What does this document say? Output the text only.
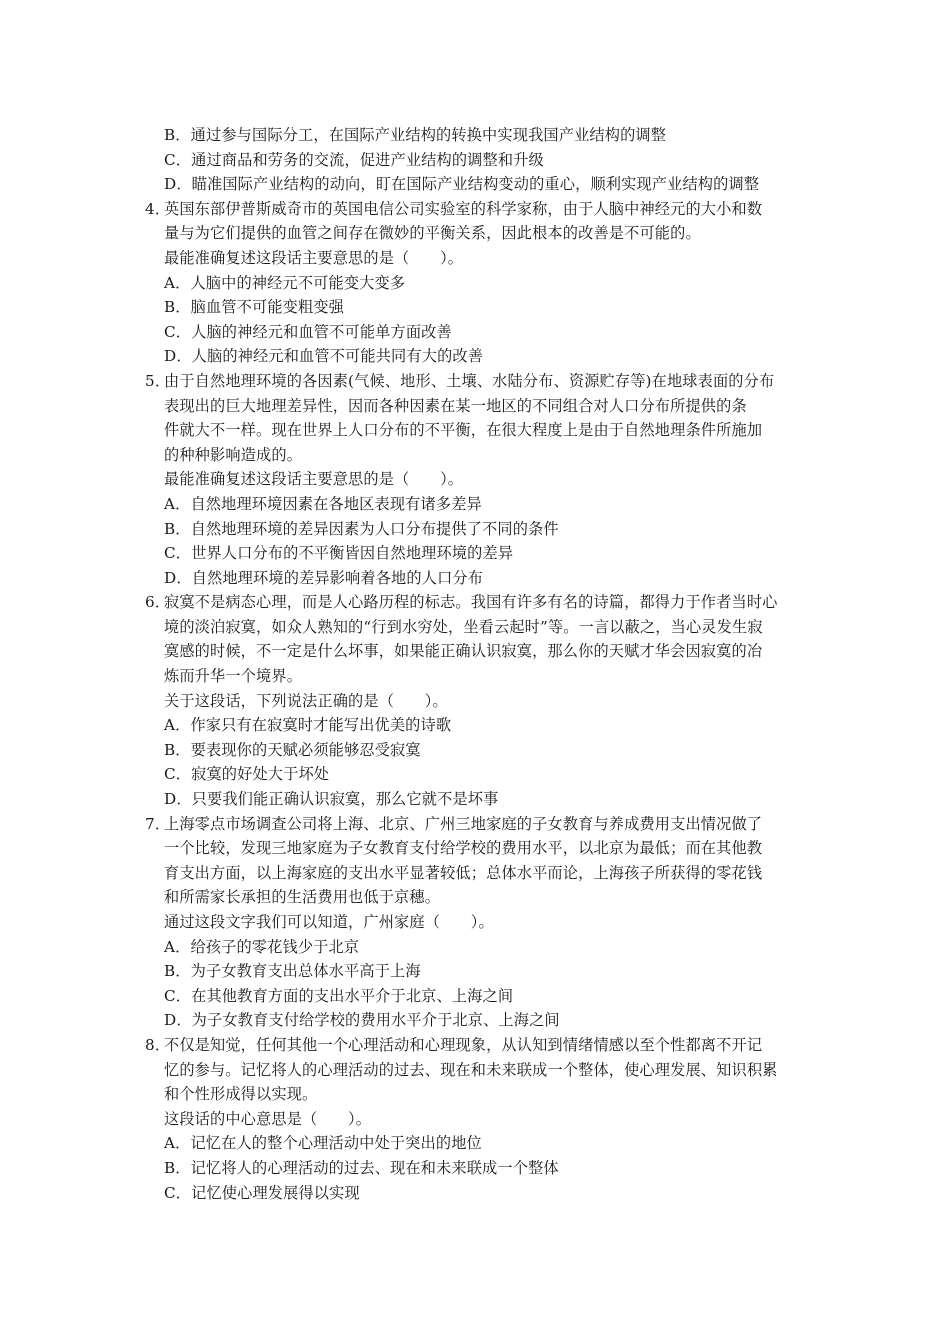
B．通过参与国际分工，在国际产业结构的转换中实现我国产业结构的调整
C．通过商品和劳务的交流，促进产业结构的调整和升级
D．瞄准国际产业结构的动向，盯在国际产业结构变动的重心，顺利实现产业结构的调整
4．英国东部伊普斯威奇市的英国电信公司实验室的科学家称，由于人脑中神经元的大小和数
量与为它们提供的血管之间存在微妙的平衡关系，因此根本的改善是不可能的。
最能准确复述这段话主要意思的是（　　）。
A．人脑中的神经元不可能变大变多
B．脑血管不可能变粗变强
C．人脑的神经元和血管不可能单方面改善
D．人脑的神经元和血管不可能共同有大的改善
5．由于自然地理环境的各因素(气候、地形、土壤、水陆分布、资源贮存等)在地球表面的分布
表现出的巨大地理差异性，因而各种因素在某一地区的不同组合对人口分布所提供的条
件就大不一样。现在世界上人口分布的不平衡，在很大程度上是由于自然地理条件所施加
的种种影响造成的。
最能准确复述这段话主要意思的是（　　）。
A．自然地理环境因素在各地区表现有诸多差异
B．自然地理环境的差异因素为人口分布提供了不同的条件
C．世界人口分布的不平衡皆因自然地理环境的差异
D．自然地理环境的差异影响着各地的人口分布
6．寂寞不是病态心理，而是人心路历程的标志。我国有许多有名的诗篇，都得力于作者当时心
境的淡泊寂寞，如众人熟知的“行到水穷处，坐看云起时”等。一言以蔽之，当心灵发生寂
寞感的时候，不一定是什么坏事，如果能正确认识寂寞，那么你的天赋才华会因寂寞的冶
炼而升华一个境界。
关于这段话，下列说法正确的是（　　）。
A．作家只有在寂寞时才能写出优美的诗歌
B．要表现你的天赋必须能够忍受寂寞
C．寂寞的好处大于坏处
D．只要我们能正确认识寂寞，那么它就不是坏事
7．上海零点市场调查公司将上海、北京、广州三地家庭的子女教育与养成费用支出情况做了
一个比较，发现三地家庭为子女教育支付给学校的费用水平，以北京为最低；而在其他教
育支出方面，以上海家庭的支出水平显著较低；总体水平而论，上海孩子所获得的零花钱
和所需家长承担的生活费用也低于京穗。
通过这段文字我们可以知道，广州家庭（　　）。
A．给孩子的零花钱少于北京
B．为子女教育支出总体水平高于上海
C．在其他教育方面的支出水平介于北京、上海之间
D．为子女教育支付给学校的费用水平介于北京、上海之间
8．不仅是知觉，任何其他一个心理活动和心理现象，从认知到情绪情感以至个性都离不开记
忆的参与。记忆将人的心理活动的过去、现在和未来联成一个整体，使心理发展、知识积累
和个性形成得以实现。
这段话的中心意思是（　　）。
A．记忆在人的整个心理活动中处于突出的地位
B．记忆将人的心理活动的过去、现在和未来联成一个整体
C．记忆使心理发展得以实现
